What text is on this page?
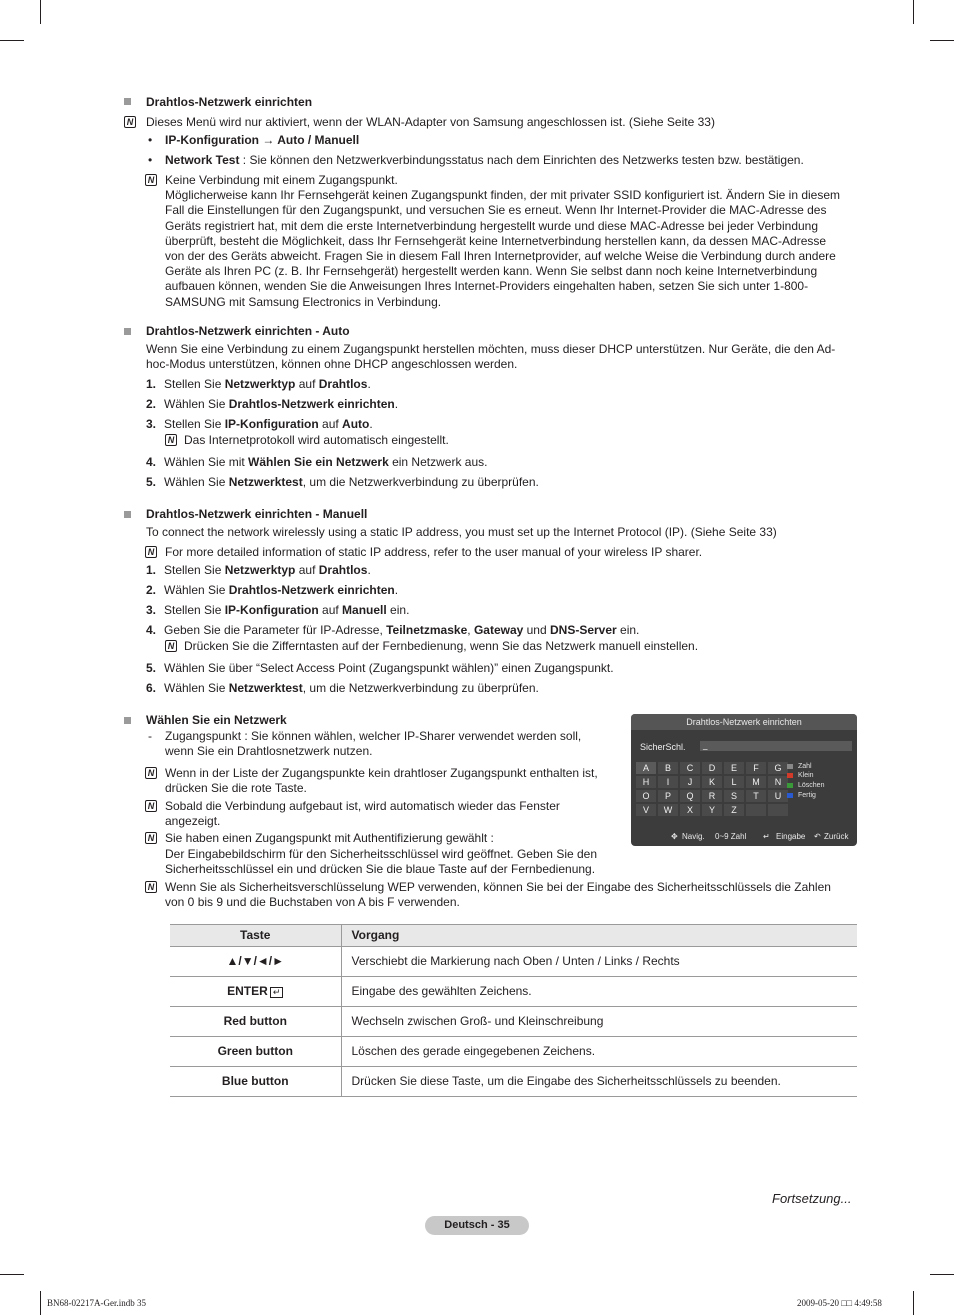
Drahtlos-Netzwerk einrichten
N Dieses Menü wird nur aktiviert, wenn der WLAN-Adapter von Samsung angeschlossen ist. (Siehe Seite 33)
• IP-Konfiguration → Auto / Manuell
• Network Test : Sie können den Netzwerkverbindungsstatus nach dem Einrichten des Netzwerks testen bzw. bestätigen.
N Keine Verbindung mit einem Zugangspunkt.
Möglicherweise kann Ihr Fernsehgerät keinen Zugangspunkt finden, der mit privater SSID konfiguriert ist. Ändern Sie in diesem
Fall die Einstellungen für den Zugangspunkt, und versuchen Sie es erneut. Wenn Ihr Internet-Provider die MAC-Adresse des
Geräts registriert hat, mit dem die erste Internetverbindung hergestellt wurde und diese MAC-Adresse bei jeder Verbindung
überprüft, besteht die Möglichkeit, dass Ihr Fernsehgerät keine Internetverbindung herstellen kann, da dessen MAC-Adresse
von der des Geräts abweicht. Fragen Sie in diesem Fall Ihren Internetprovider, auf welche Weise die Verbindung durch andere
Geräte als Ihren PC (z. B. Ihr Fernsehgerät) hergestellt werden kann. Wenn Sie selbst dann noch keine Internetverbindung
aufbauen können, wenden Sie die Anweisungen Ihres Internet-Providers eingehalten haben, setzen Sie sich unter 1-800-
SAMSUNG mit Samsung Electronics in Verbindung.
Drahtlos-Netzwerk einrichten - Auto
Wenn Sie eine Verbindung zu einem Zugangspunkt herstellen möchten, muss dieser DHCP unterstützen. Nur Geräte, die den Ad-
hoc-Modus unterstützen, können ohne DHCP angeschlossen werden.
1. Stellen Sie Netzwerktyp auf Drahtlos.
2. Wählen Sie Drahtlos-Netzwerk einrichten.
3. Stellen Sie IP-Konfiguration auf Auto.
4. Wählen Sie mit Wählen Sie ein Netzwerk ein Netzwerk aus.
5. Wählen Sie Netzwerktest, um die Netzwerkverbindung zu überprüfen.
N Das Internetprotokoll wird automatisch eingestellt.
Drahtlos-Netzwerk einrichten - Manuell
To connect the network wirelessly using a static IP address, you must set up the Internet Protocol (IP). (Siehe Seite 33)
N For more detailed information of static IP address, refer to the user manual of your wireless IP sharer.
1. Stellen Sie Netzwerktyp auf Drahtlos.
2. Wählen Sie Drahtlos-Netzwerk einrichten.
3. Stellen Sie IP-Konfiguration auf Manuell ein.
4. Geben Sie die Parameter für IP-Adresse, Teilnetzmaske, Gateway und DNS-Server ein.
N Drücken Sie die Zifferntasten auf der Fernbedienung, wenn Sie das Netzwerk manuell einstellen.
5. Wählen Sie über “Select Access Point (Zugangspunkt wählen)” einen Zugangspunkt.
6. Wählen Sie Netzwerktest, um die Netzwerkverbindung zu überprüfen.
Wählen Sie ein Netzwerk
- Zugangspunkt : Sie können wählen, welcher IP-Sharer verwendet werden soll,
wenn Sie ein Drahtlosnetzwerk nutzen.
N Wenn in der Liste der Zugangspunkte kein drahtloser Zugangspunkt enthalten ist,
drücken Sie die rote Taste.
N Sobald die Verbindung aufgebaut ist, wird automatisch wieder das Fenster
angezeigt.
N Sie haben einen Zugangspunkt mit Authentifizierung gewählt :
Der Eingabebildschirm für den Sicherheitsschlüssel wird geöffnet. Geben Sie den
Sicherheitsschlüssel ein und drücken Sie die blaue Taste auf der Fernbedienung.
N Wenn Sie als Sicherheitsverschlüsselung WEP verwenden, können Sie bei der Eingabe des Sicherheitsschlüssels die Zahlen
von 0 bis 9 und die Buchstaben von A bis F verwenden.
Drahtlos-Netzwerk einrichten
SicherSchl.	_
A	B	C	D	E	F	G
H	I	J	K	L	M	N
O	P	Q	R	S	T	U
V	W	X	Y	Z
Zahl
Klein
Löschen
Fertig
✥ Navig. 0~9 Zahl ↵ Eingabe ↶ Zurück
Taste	Vorgang
▲/▼/◄/►	Verschiebt die Markierung nach Oben / Unten / Links / Rechts
ENTER ↵	Eingabe des gewählten Zeichens.
Red button	Wechseln zwischen Groß- und Kleinschreibung
Green button	Löschen des gerade eingegebenen Zeichens.
Blue button	Drücken Sie diese Taste, um die Eingabe des Sicherheitsschlüssels zu beenden.
Fortsetzung...
Deutsch - 35
BN68-02217A-Ger.indb 35	2009-05-20 □□ 4:49:58
